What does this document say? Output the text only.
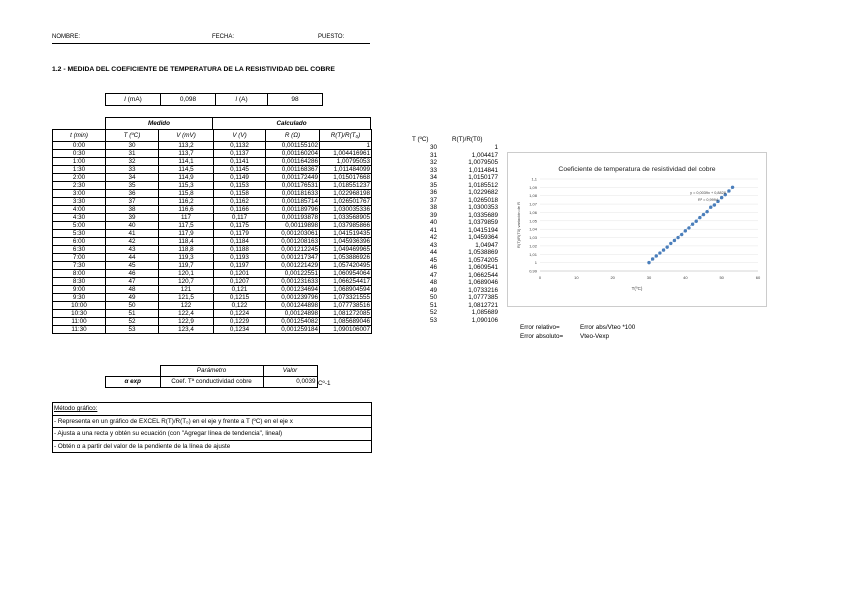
NOMBRE:	FECHA:	PUESTO:
1.2 - MEDIDA DEL COEFICIENTE DE TEMPERATURA DE LA RESISTIVIDAD DEL COBRE
I (mA)	0,098	I (A)	98
Medido	Calculado
t (min)	T (ºC)	V (mV)	V (V)	R (Ω)	R(T)/R(T₀)
0:00	30	113,2	0,1132	0,001155102	1
0:30	31	113,7	0,1137	0,001160204	1,004416961
1:00	32	114,1	0,1141	0,001164286	1,00795053
1:30	33	114,5	0,1145	0,001168367	1,011484099
2:00	34	114,9	0,1149	0,001172449	1,015017668
2:30	35	115,3	0,1153	0,001176531	1,018551237
3:00	36	115,8	0,1158	0,001181633	1,022968198
3:30	37	116,2	0,1162	0,001185714	1,026501767
4:00	38	116,6	0,1166	0,001189796	1,030035336
4:30	39	117	0,117	0,001193878	1,033568905
5:00	40	117,5	0,1175	0,00119898	1,037985866
5:30	41	117,9	0,1179	0,001203061	1,041519435
6:00	42	118,4	0,1184	0,001208163	1,045936396
6:30	43	118,8	0,1188	0,001212245	1,049469965
7:00	44	119,3	0,1193	0,001217347	1,053886926
7:30	45	119,7	0,1197	0,001221429	1,057420495
8:00	46	120,1	0,1201	0,00122551	1,060954064
8:30	47	120,7	0,1207	0,001231633	1,066254417
9:00	48	121	0,121	0,001234694	1,068904594
9:30	49	121,5	0,1215	0,001239796	1,073321555
10:00	50	122	0,122	0,001244898	1,077738516
10:30	51	122,4	0,1224	0,00124898	1,081272085
11:00	52	122,9	0,1229	0,001254082	1,085689046
11:30	53	123,4	0,1234	0,001259184	1,090106007
	Parámetro	Valor
α exp	Coef. Tª conductividad cobre	0,0039 Cº-1
Método gráfico:
- Representa en un gráfico de EXCEL R(T)/R(T₀) en el eje y frente a T (ºC) en el eje x
- Ajusta a una recta y obtén su ecuación (con "Agregar línea de tendencia", lineal)
- Obtén α a partir del valor de la pendiente de la línea de ajuste
T (ºC)	R(T)/R(T0)
30	1
31	1,004417
32	1,0079505
33	1,0114841
34	1,0150177
35	1,0185512
36	1,0229682
37	1,0265018
38	1,0300353
39	1,0335689
40	1,0379859
41	1,0415194
42	1,0459364
43	1,04947
44	1,0538869
45	1,0574205
46	1,0609541
47	1,0662544
48	1,0689046
49	1,0733216
50	1,0777385
51	1,0812721
52	1,085689
53	1,090106
Coeficiente de temperatura de resistividad del cobre
0,99
1
1,01
1,02
1,03
1,04
1,05
1,06
1,07
1,08
1,09
1,1
0	10	20	30	40	50	60
T(ºC)
R(T)/R(T0) variación de R
y = 0,0039x + 0,8828
R² = 0,9994
Error relativo=	Error abs/Vteo *100
Error absoluto=	Vteo-Vexp
